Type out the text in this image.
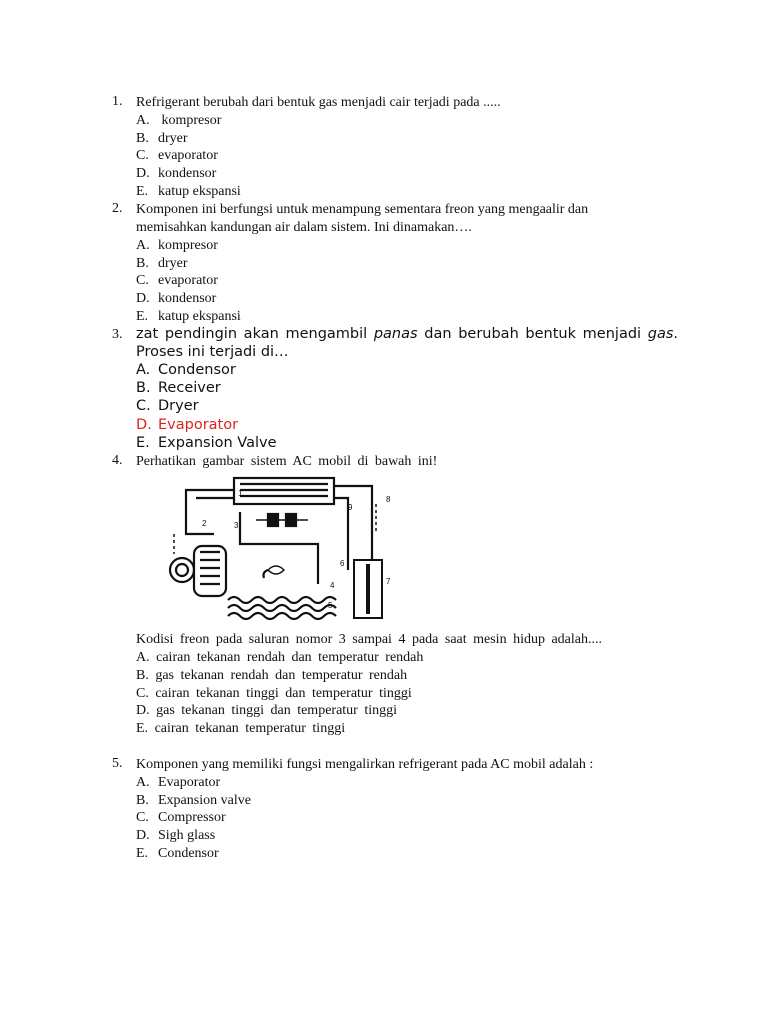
1. Refrigerant berubah dari bentuk gas menjadi cair terjadi pada .....
A. kompresor
B. dryer
C. evaporator
D. kondensor
E. katup ekspansi
2. Komponen ini berfungsi untuk menampung sementara freon yang mengaalir dan memisahkan kandungan air dalam sistem. Ini dinamakan….
A. kompresor
B. dryer
C. evaporator
D. kondensor
E. katup ekspansi
3. zat pendingin akan mengambil panas dan berubah bentuk menjadi gas. Proses ini terjadi di…
A. Condensor
B. Receiver
C. Dryer
D. Evaporator
E. Expansion Valve
4. Perhatikan gambar sistem AC mobil di bawah ini!
1
2	3
4
5
6
7
8
9
Kodisi freon pada saluran nomor 3 sampai 4 pada saat mesin hidup adalah....
A. cairan tekanan rendah dan temperatur rendah
B. gas tekanan rendah dan temperatur rendah
C. cairan tekanan tinggi dan temperatur tinggi
D. gas tekanan tinggi dan temperatur tinggi
E. cairan tekanan temperatur tinggi
5. Komponen yang memiliki fungsi mengalirkan refrigerant pada AC mobil adalah :
A. Evaporator
B. Expansion valve
C. Compressor
D. Sigh glass
E. Condensor
